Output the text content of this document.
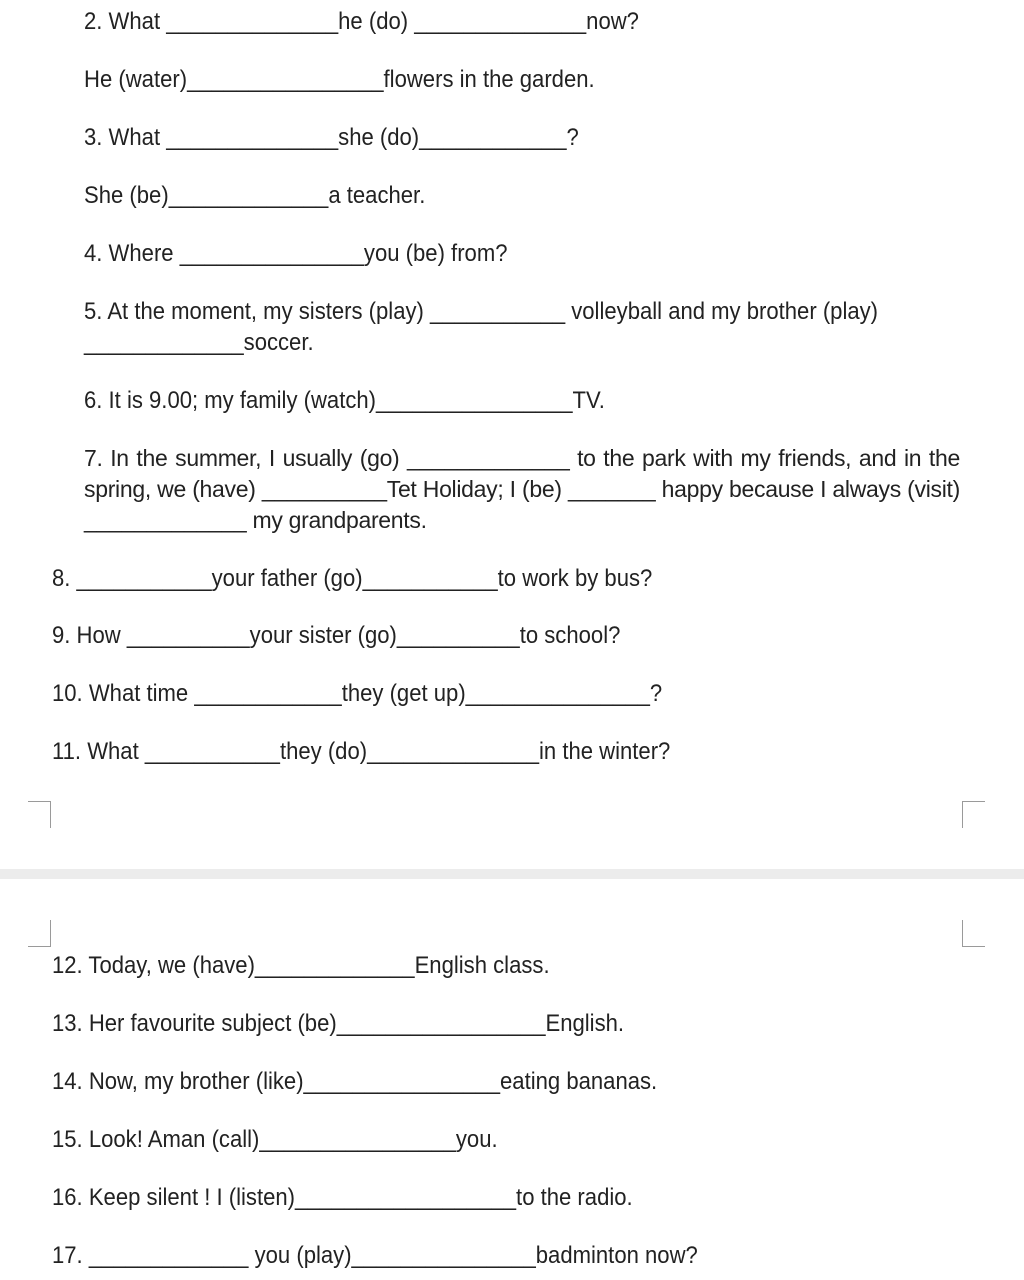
2. What ______________he (do) ______________now?
He (water)________________flowers in the garden.
3. What ______________she (do)____________?
She (be)_____________a teacher.
4. Where _______________you (be) from?
5. At the moment, my sisters (play) ___________ volleyball and my brother (play)
_____________soccer.
6. It is 9.00; my family (watch)________________TV.
7. In the summer, I usually (go) _____________ to the park with my friends, and in the spring, we (have) __________Tet Holiday; I (be) _______ happy because I always (visit) _____________ my grandparents.
8. ___________your father (go)___________to work by bus?
9. How __________your sister (go)__________to school?
10. What time ____________they (get up)_______________?
11. What ___________they (do)______________in the winter?
12. Today, we (have)_____________English class.
13. Her favourite subject (be)_________________English.
14. Now, my brother (like)________________eating bananas.
15. Look! Aman (call)________________you.
16. Keep silent ! I (listen)__________________to the radio.
17. _____________ you (play)_______________badminton now?
